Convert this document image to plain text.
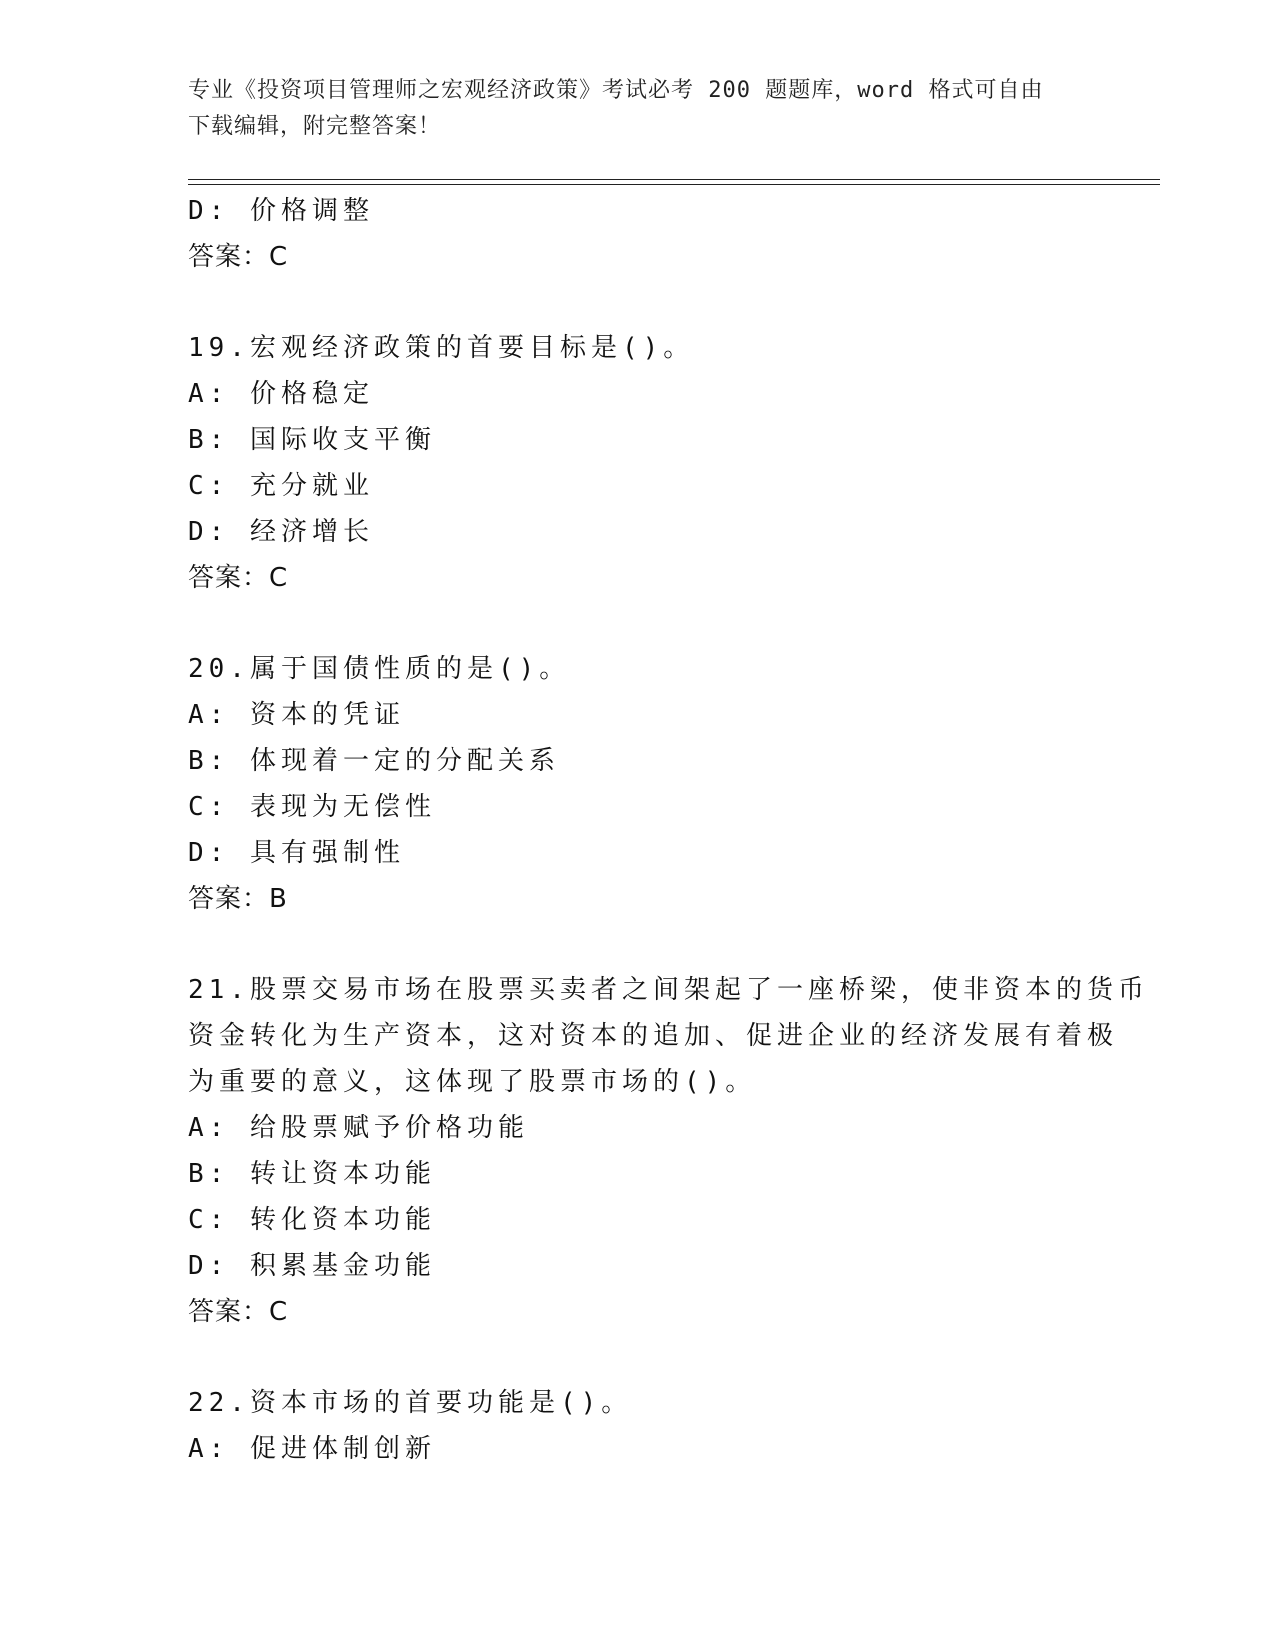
专业《投资项目管理师之宏观经济政策》考试必考 200 题题库，word 格式可自由
下载编辑，附完整答案！
D: 价格调整
答案：C
19.宏观经济政策的首要目标是()。
A: 价格稳定
B: 国际收支平衡
C: 充分就业
D: 经济增长
答案：C
20.属于国债性质的是()。
A: 资本的凭证
B: 体现着一定的分配关系
C: 表现为无偿性
D: 具有强制性
答案：B
21.股票交易市场在股票买卖者之间架起了一座桥梁，使非资本的货币
资金转化为生产资本，这对资本的追加、促进企业的经济发展有着极
为重要的意义，这体现了股票市场的()。
A: 给股票赋予价格功能
B: 转让资本功能
C: 转化资本功能
D: 积累基金功能
答案：C
22.资本市场的首要功能是()。
A: 促进体制创新
